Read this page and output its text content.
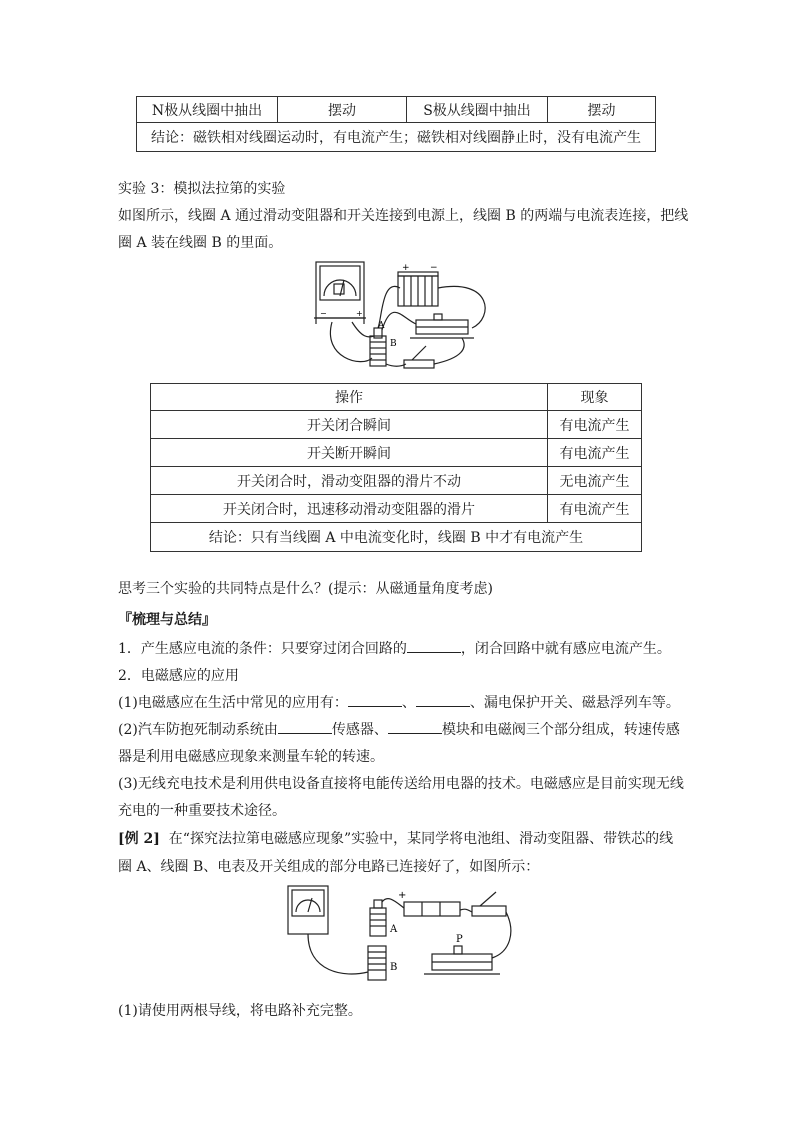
N极从线圈中抽出	摆动	S极从线圈中抽出	摆动
结论：磁铁相对线圈运动时，有电流产生；磁铁相对线圈静止时，没有电流产生
实验 3：模拟法拉第的实验
如图所示，线圈 A 通过滑动变阻器和开关连接到电源上，线圈 B 的两端与电流表连接，把线
圈 A 装在线圈 B 的里面。
A
B
+ −
−	+
操作	现象
开关闭合瞬间	有电流产生
开关断开瞬间	有电流产生
开关闭合时，滑动变阻器的滑片不动	无电流产生
开关闭合时，迅速移动滑动变阻器的滑片	有电流产生
结论：只有当线圈 A 中电流变化时，线圈 B 中才有电流产生	
思考三个实验的共同特点是什么？(提示：从磁通量角度考虑)
『梳理与总结』
1．产生感应电流的条件：只要穿过闭合回路的	，闭合回路中就有感应电流产生。
2．电磁感应的应用
(1)电磁感应在生活中常见的应用有：	、	、漏电保护开关、磁悬浮列车等。
(2)汽车防抱死制动系统由	传感器、	模块和电磁阀三个部分组成，转速传感
器是利用电磁感应现象来测量车轮的转速。
(3)无线充电技术是利用供电设备直接将电能传送给用电器的技术。电磁感应是目前实现无线
充电的一种重要技术途径。
[例 2] 在“探究法拉第电磁感应现象”实验中，某同学将电池组、滑动变阻器、带铁芯的线
圈 A、线圈 B、电表及开关组成的部分电路已连接好了，如图所示：
A
B
P
+
(1)请使用两根导线，将电路补充完整。
